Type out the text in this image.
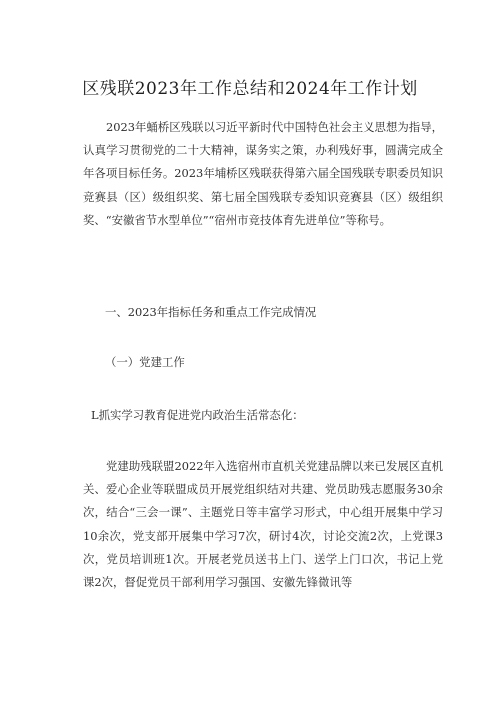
区残联2023年工作总结和2024年工作计划

2023年蛹桥区残联以习近平新时代中国特色社会主义思想为指导，认真学习贯彻党的二十大精神，谋务实之策，办利残好事，圆满完成全年各项目标任务。2023年埔桥区残联获得第六届全国残联专职委员知识竞赛县（区）级组织奖、第七届全国残联专委知识竞赛县（区）级组织奖、“安徽省节水型单位”“宿州市竞技体育先进单位”等称号。

一、2023年指标任务和重点工作完成情况

（一）党建工作

L抓实学习教育促进党内政治生活常态化：

党建助残联盟2022年入选宿州市直机关党建品牌以来已发展区直机关、爱心企业等联盟成员开展党组织结对共建、党员助残志愿服务30余次，结合“三会一课”、主题党日等丰富学习形式，中心组开展集中学习10余次，党支部开展集中学习7次，研讨4次，讨论交流2次，上党课3次，党员培训班1次。开展老党员送书上门、送学上门口次，书记上党课2次，督促党员干部利用学习强国、安徽先锋微讯等
